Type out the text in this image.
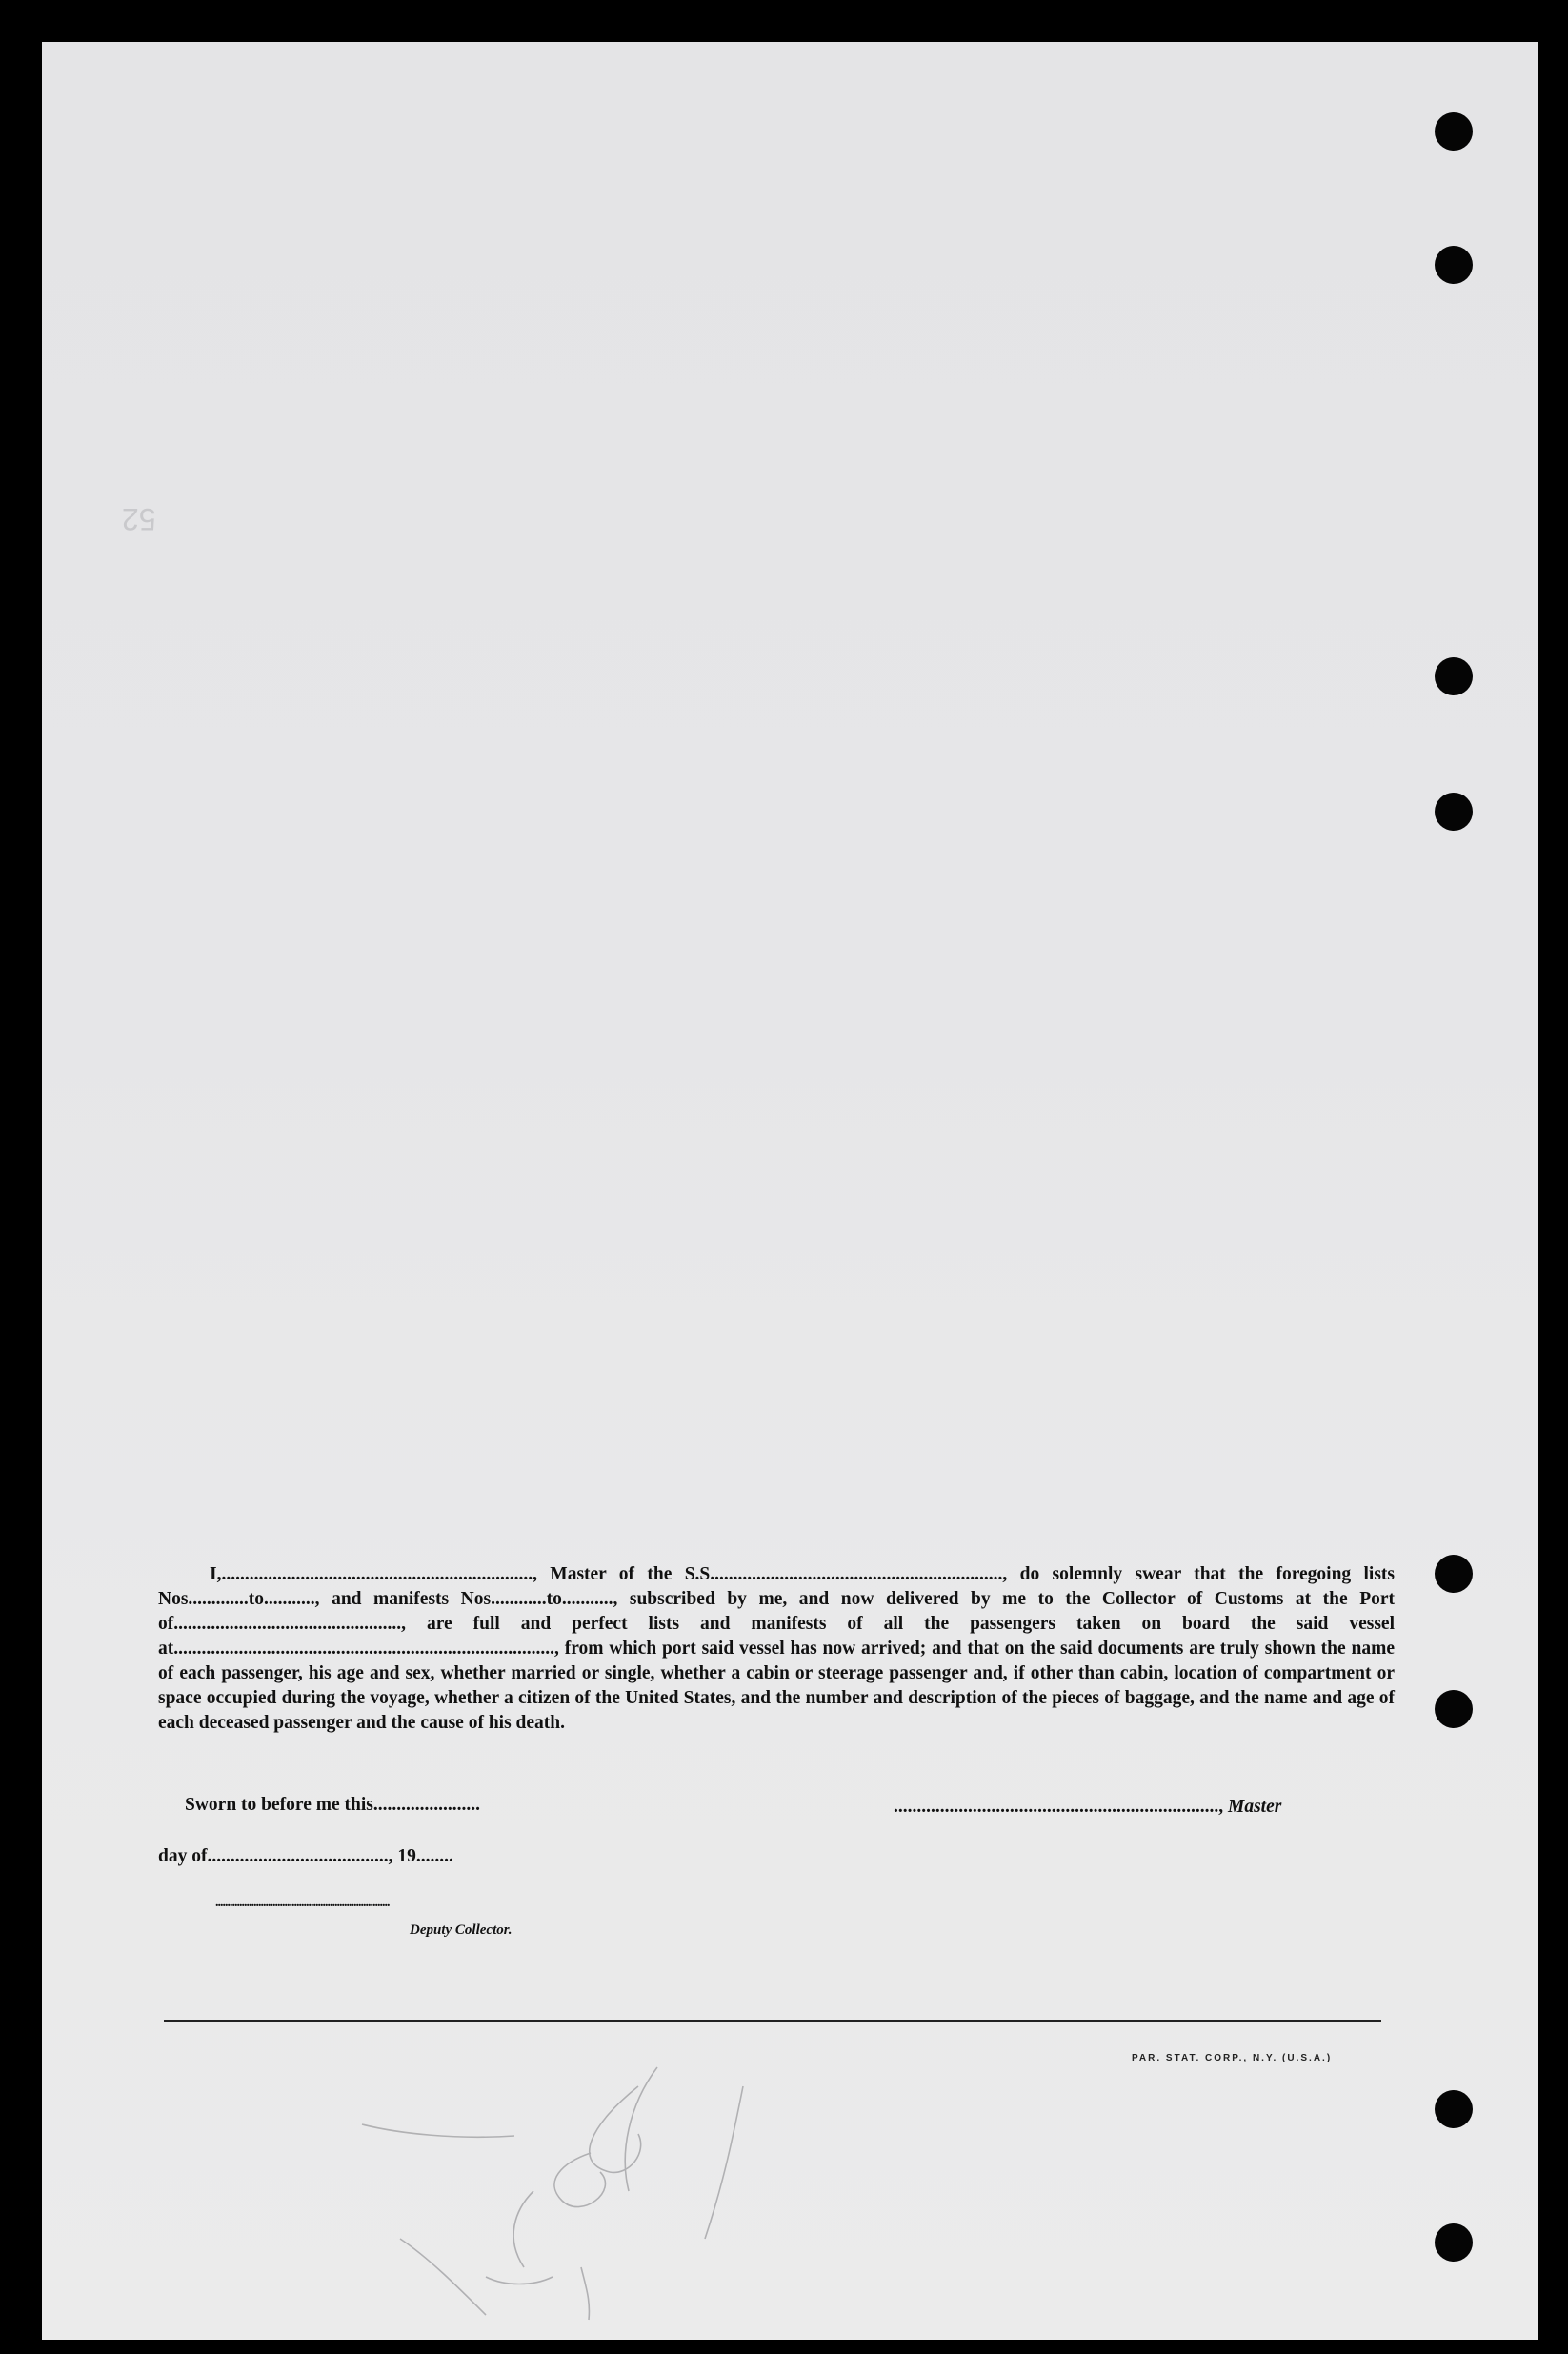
52

I,..................................................................., Master of the S.S..............................................................., do solemnly swear that the foregoing lists Nos.............to..........., and manifests Nos............to..........., subscribed by me, and now delivered by me to the Collector of Customs at the Port of................................................., are full and perfect lists and manifests of all the passengers taken on board the said vessel at.................................................................................., from which port said vessel has now arrived; and that on the said documents are truly shown the name of each passenger, his age and sex, whether married or single, whether a cabin or steerage passenger and, if other than cabin, location of compartment or space occupied during the voyage, whether a citizen of the United States, and the number and description of the pieces of baggage, and the name and age of each deceased passenger and the cause of his death.

Sworn to before me this.......................	......................................................................, Master
day of......................................., 19........
.........................................................................
Deputy Collector.
PAR. STAT. CORP., N.Y. (U.S.A.)
